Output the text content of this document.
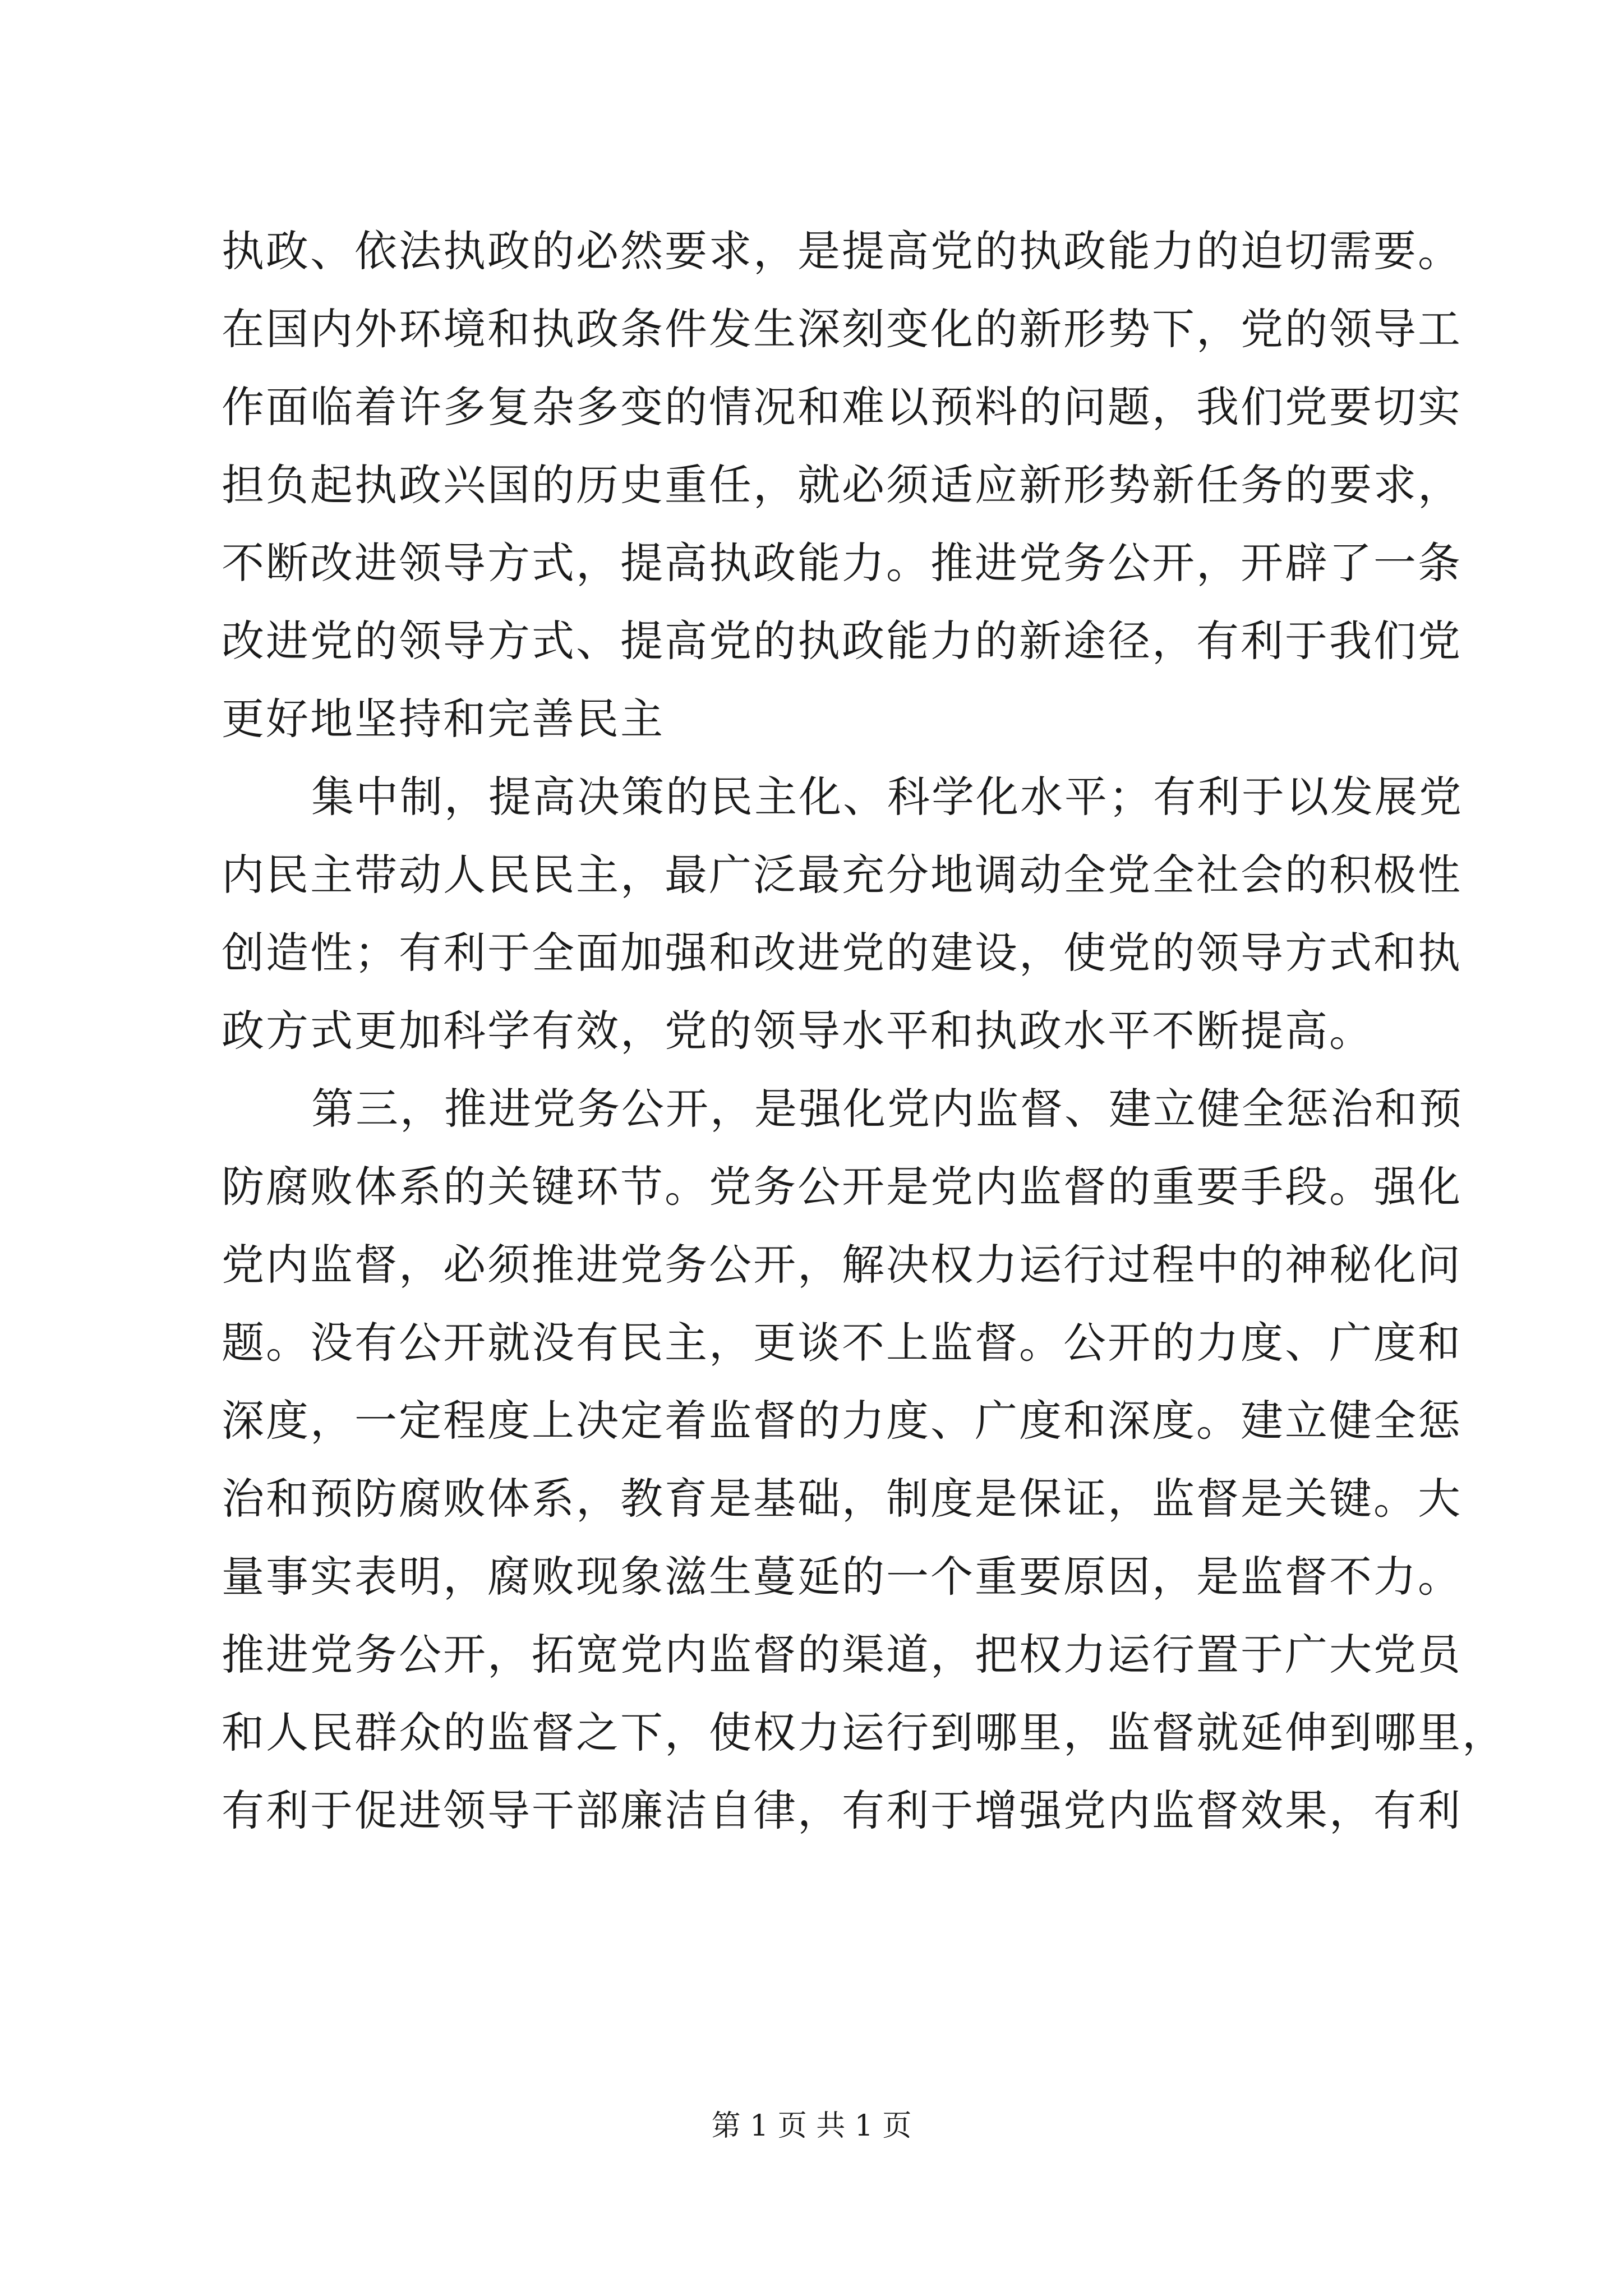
执政、依法执政的必然要求，是提高党的执政能力的迫切需要。
在国内外环境和执政条件发生深刻变化的新形势下，党的领导工
作面临着许多复杂多变的情况和难以预料的问题，我们党要切实
担负起执政兴国的历史重任，就必须适应新形势新任务的要求，
不断改进领导方式，提高执政能力。推进党务公开，开辟了一条
改进党的领导方式、提高党的执政能力的新途径，有利于我们党
更好地坚持和完善民主
集中制，提高决策的民主化、科学化水平；有利于以发展党
内民主带动人民民主，最广泛最充分地调动全党全社会的积极性
创造性；有利于全面加强和改进党的建设，使党的领导方式和执
政方式更加科学有效，党的领导水平和执政水平不断提高。
第三，推进党务公开，是强化党内监督、建立健全惩治和预
防腐败体系的关键环节。党务公开是党内监督的重要手段。强化
党内监督，必须推进党务公开，解决权力运行过程中的神秘化问
题。没有公开就没有民主，更谈不上监督。公开的力度、广度和
深度，一定程度上决定着监督的力度、广度和深度。建立健全惩
治和预防腐败体系，教育是基础，制度是保证，监督是关键。大
量事实表明，腐败现象滋生蔓延的一个重要原因，是监督不力。
推进党务公开，拓宽党内监督的渠道，把权力运行置于广大党员
和人民群众的监督之下，使权力运行到哪里，监督就延伸到哪里，
有利于促进领导干部廉洁自律，有利于增强党内监督效果，有利
第 1 页 共 1 页
